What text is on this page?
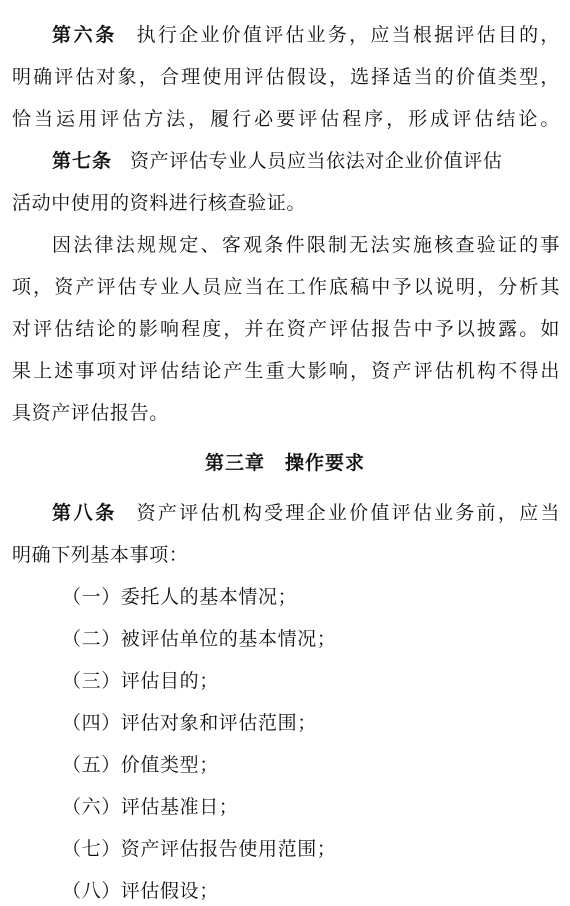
第六条 执行企业价值评估业务，应当根据评估目的，
明确评估对象，合理使用评估假设，选择适当的价值类型，
恰当运用评估方法，履行必要评估程序，形成评估结论。
第七条 资产评估专业人员应当依法对企业价值评估
活动中使用的资料进行核查验证。
因法律法规规定、客观条件限制无法实施核查验证的事
项，资产评估专业人员应当在工作底稿中予以说明，分析其
对评估结论的影响程度，并在资产评估报告中予以披露。如
果上述事项对评估结论产生重大影响，资产评估机构不得出
具资产评估报告。
第三章　操作要求
第八条 资产评估机构受理企业价值评估业务前，应当
明确下列基本事项：
（一）委托人的基本情况；
（二）被评估单位的基本情况；
（三）评估目的；
（四）评估对象和评估范围；
（五）价值类型；
（六）评估基准日；
（七）资产评估报告使用范围；
（八）评估假设；
